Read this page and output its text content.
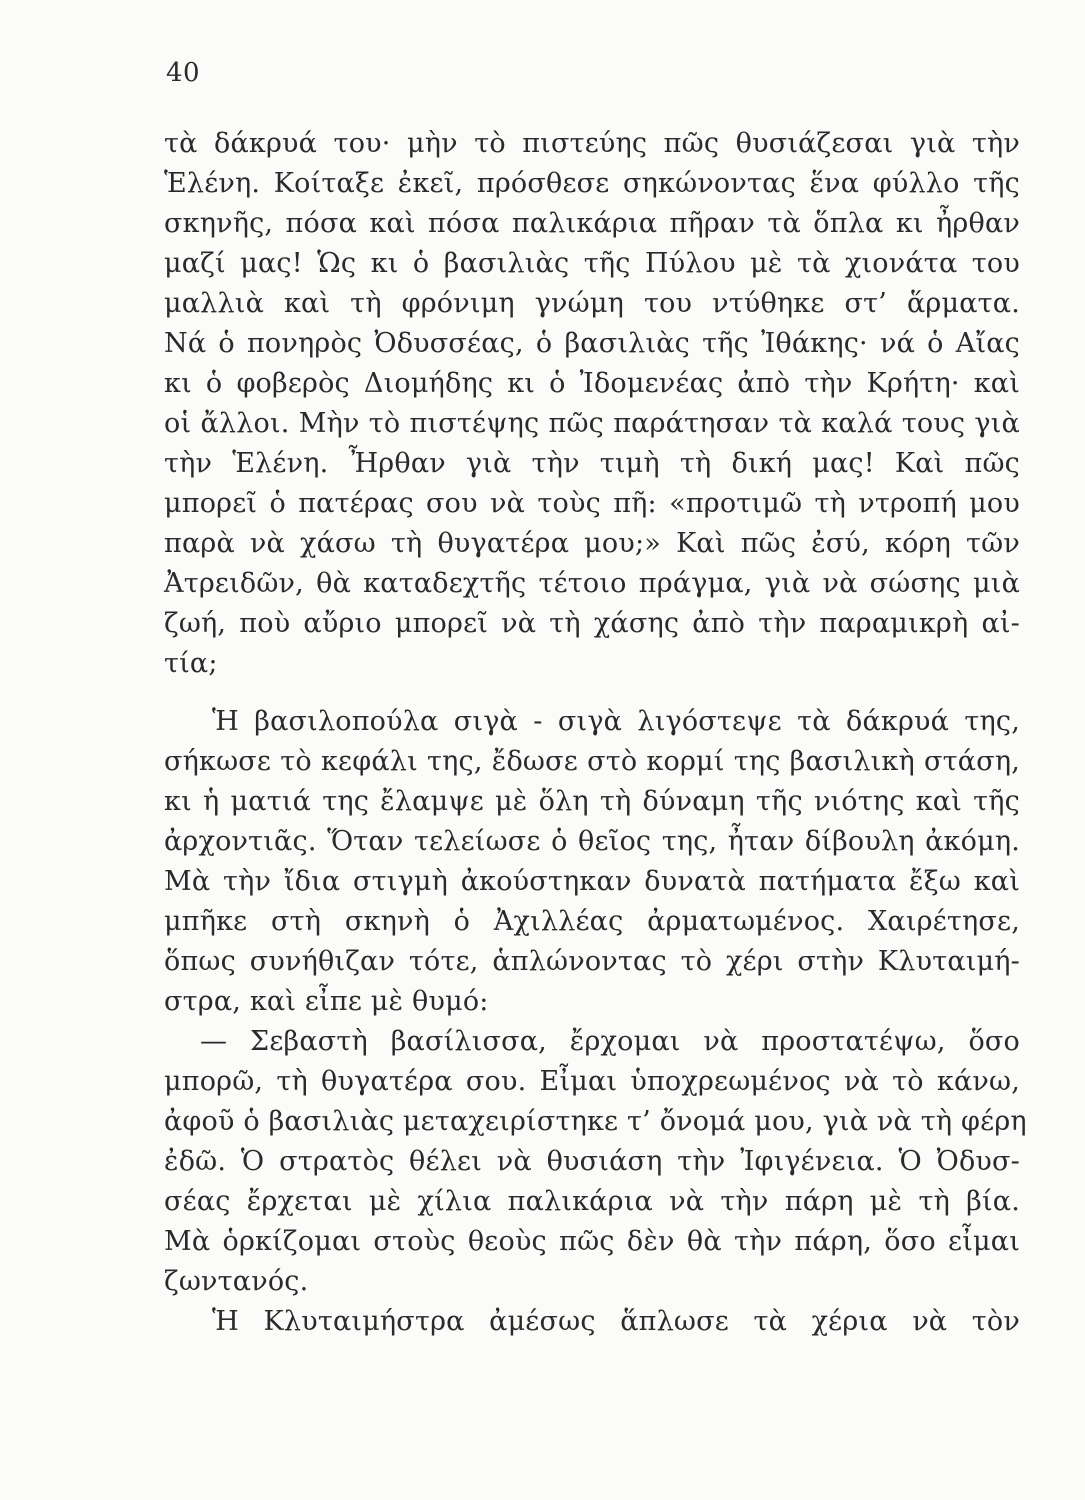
40
τὰ δάκρυά του· μὴν τὸ πιστεύης πῶς θυσιάζεσαι γιὰ τὴν
Ἑλένη. Κοίταξε ἐκεῖ, πρόσθεσε σηκώνοντας ἕνα φύλλο τῆς
σκηνῆς, πόσα καὶ πόσα παλικάρια πῆραν τὰ ὅπλα κι ἦρθαν
μαζί μας! Ὡς κι ὁ βασιλιὰς τῆς Πύλου μὲ τὰ χιονάτα του
μαλλιὰ καὶ τὴ φρόνιμη γνώμη του ντύθηκε στ’ ἅρματα.
Νά ὁ πονηρὸς Ὀδυσσέας, ὁ βασιλιὰς τῆς Ἰθάκης· νά ὁ Αἴας
κι ὁ φοβερὸς Διομήδης κι ὁ Ἰδομενέας ἀπὸ τὴν Κρήτη· καὶ
οἱ ἄλλοι. Μὴν τὸ πιστέψης πῶς παράτησαν τὰ καλά τους γιὰ
τὴν Ἑλένη. Ἦρθαν γιὰ τὴν τιμὴ τὴ δική μας! Καὶ πῶς
μπορεῖ ὁ πατέρας σου νὰ τοὺς πῆ: «προτιμῶ τὴ ντροπή μου
παρὰ νὰ χάσω τὴ θυγατέρα μου;» Καὶ πῶς ἐσύ, κόρη τῶν
Ἀτρειδῶν, θὰ καταδεχτῆς τέτοιο πράγμα, γιὰ νὰ σώσης μιὰ
ζωή, ποὺ αὔριο μπορεῖ νὰ τὴ χάσης ἀπὸ τὴν παραμικρὴ αἰ-
τία;
Ἡ βασιλοπούλα σιγὰ - σιγὰ λιγόστεψε τὰ δάκρυά της,
σήκωσε τὸ κεφάλι της, ἔδωσε στὸ κορμί της βασιλικὴ στάση,
κι ἡ ματιά της ἔλαμψε μὲ ὅλη τὴ δύναμη τῆς νιότης καὶ τῆς
ἀρχοντιᾶς. Ὅταν τελείωσε ὁ θεῖος της, ἦταν δίβουλη ἀκόμη.
Μὰ τὴν ἴδια στιγμὴ ἀκούστηκαν δυνατὰ πατήματα ἔξω καὶ
μπῆκε στὴ σκηνὴ ὁ Ἀχιλλέας ἀρματωμένος. Χαιρέτησε,
ὅπως συνήθιζαν τότε, ἁπλώνοντας τὸ χέρι στὴν Κλυταιμή-
στρα, καὶ εἶπε μὲ θυμό:
— Σεβαστὴ βασίλισσα, ἔρχομαι νὰ προστατέψω, ὅσο
μπορῶ, τὴ θυγατέρα σου. Εἶμαι ὑποχρεωμένος νὰ τὸ κάνω,
ἀφοῦ ὁ βασιλιὰς μεταχειρίστηκε τ’ ὄνομά μου, γιὰ νὰ τὴ φέρη
ἐδῶ. Ὁ στρατὸς θέλει νὰ θυσιάση τὴν Ἰφιγένεια. Ὁ Ὀδυσ-
σέας ἔρχεται μὲ χίλια παλικάρια νὰ τὴν πάρη μὲ τὴ βία.
Μὰ ὁρκίζομαι στοὺς θεοὺς πῶς δὲν θὰ τὴν πάρη, ὅσο εἶμαι
ζωντανός.
Ἡ Κλυταιμήστρα ἀμέσως ἅπλωσε τὰ χέρια νὰ τὸν
